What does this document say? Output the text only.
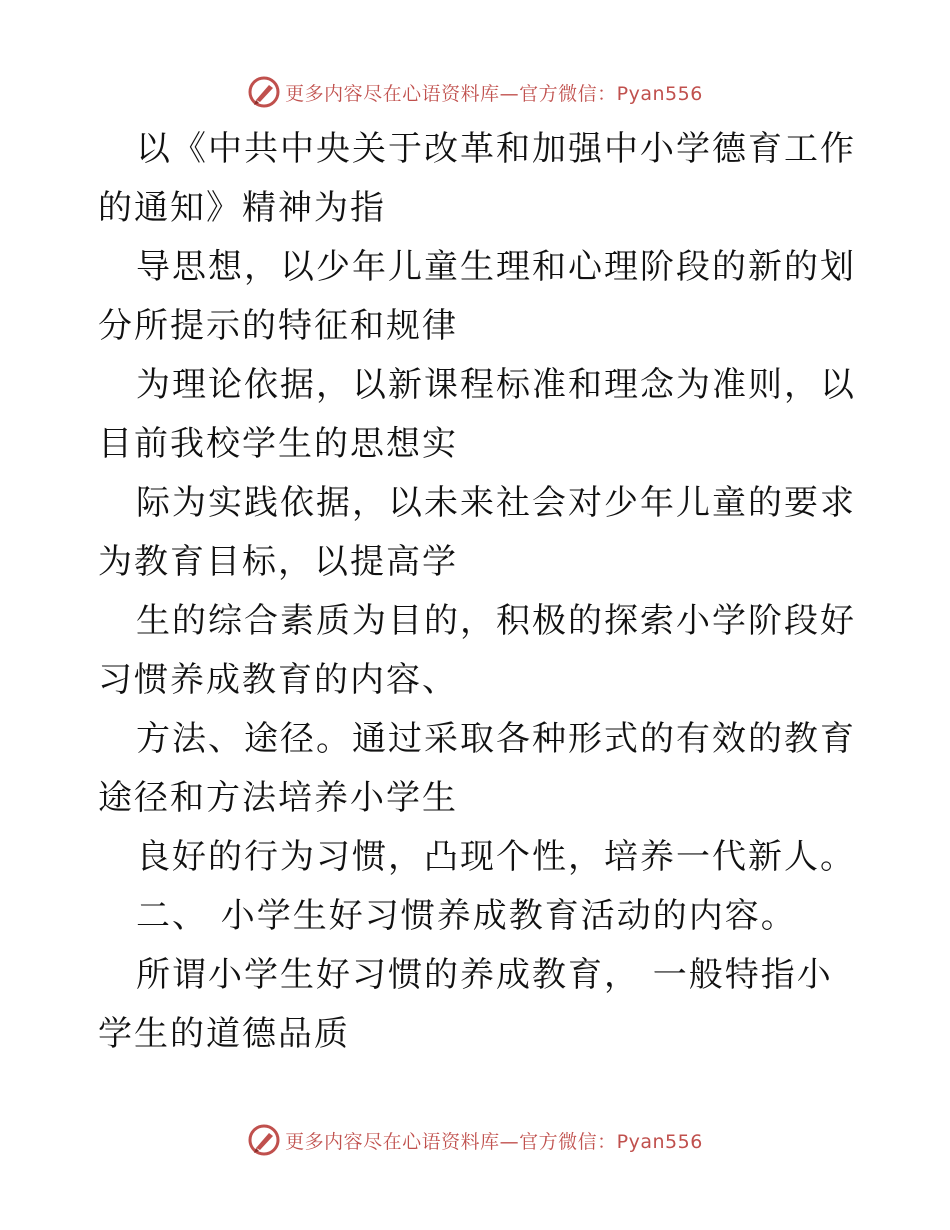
更多内容尽在心语资料库—官方微信：Pyan556

以《中共中央关于改革和加强中小学德育工作的通知》精神为指

导思想，以少年儿童生理和心理阶段的新的划分所提示的特征和规律

为理论依据，以新课程标准和理念为准则，以目前我校学生的思想实

际为实践依据，以未来社会对少年儿童的要求为教育目标，以提高学

生的综合素质为目的，积极的探索小学阶段好习惯养成教育的内容、

方法、途径。通过采取各种形式的有效的教育途径和方法培养小学生

良好的行为习惯，凸现个性，培养一代新人。

二、 小学生好习惯养成教育活动的内容。

所谓小学生好习惯的养成教育， 一般特指小学生的道德品质

更多内容尽在心语资料库—官方微信：Pyan556
